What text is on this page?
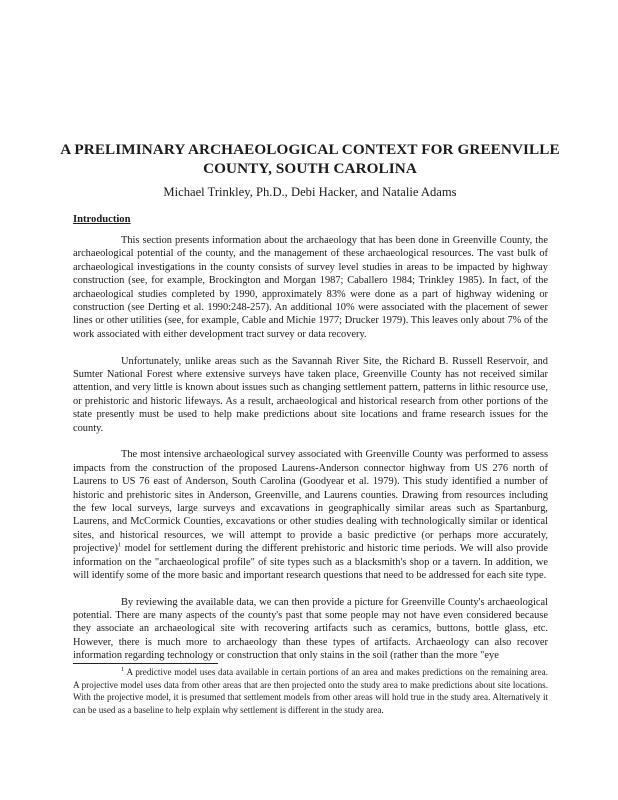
A PRELIMINARY ARCHAEOLOGICAL CONTEXT FOR GREENVILLE
COUNTY, SOUTH CAROLINA

Michael Trinkley, Ph.D., Debi Hacker, and Natalie Adams

Introduction

This section presents information about the archaeology that has been done in Greenville County, the archaeological potential of the county, and the management of these archaeological resources. The vast bulk of archaeological investigations in the county consists of survey level studies in areas to be impacted by highway construction (see, for example, Brockington and Morgan 1987; Caballero 1984; Trinkley 1985). In fact, of the archaeological studies completed by 1990, approximately 83% were done as a part of highway widening or construction (see Derting et al. 1990:248-257). An additional 10% were associated with the placement of sewer lines or other utilities (see, for example, Cable and Michie 1977; Drucker 1979). This leaves only about 7% of the work associated with either development tract survey or data recovery.

Unfortunately, unlike areas such as the Savannah River Site, the Richard B. Russell Reservoir, and Sumter National Forest where extensive surveys have taken place, Greenville County has not received similar attention, and very little is known about issues such as changing settlement pattern, patterns in lithic resource use, or prehistoric and historic lifeways. As a result, archaeological and historical research from other portions of the state presently must be used to help make predictions about site locations and frame research issues for the county.

The most intensive archaeological survey associated with Greenville County was performed to assess impacts from the construction of the proposed Laurens-Anderson connector highway from US 276 north of Laurens to US 76 east of Anderson, South Carolina (Goodyear et al. 1979). This study identified a number of historic and prehistoric sites in Anderson, Greenville, and Laurens counties. Drawing from resources including the few local surveys, large surveys and excavations in geographically similar areas such as Spartanburg, Laurens, and McCormick Counties, excavations or other studies dealing with technologically similar or identical sites, and historical resources, we will attempt to provide a basic predictive (or perhaps more accurately, projective)$^1$ model for settlement during the different prehistoric and historic time periods. We will also provide information on the "archaeological profile" of site types such as a blacksmith's shop or a tavern. In addition, we will identify some of the more basic and important research questions that need to be addressed for each site type.

By reviewing the available data, we can then provide a picture for Greenville County's archaeological potential. There are many aspects of the county's past that some people may not have even considered because they associate an archaeological site with recovering artifacts such as ceramics, buttons, bottle glass, etc. However, there is much more to archaeology than these types of artifacts. Archaeology can also recover information regarding technology or construction that only stains in the soil (rather than the more "eye

$^1$ A predictive model uses data available in certain portions of an area and makes predictions on the remaining area. A projective model uses data from other areas that are then projected onto the study area to make predictions about site locations. With the projective model, it is presumed that settlement models from other areas will hold true in the study area. Alternatively it can be used as a baseline to help explain why settlement is different in the study area.
